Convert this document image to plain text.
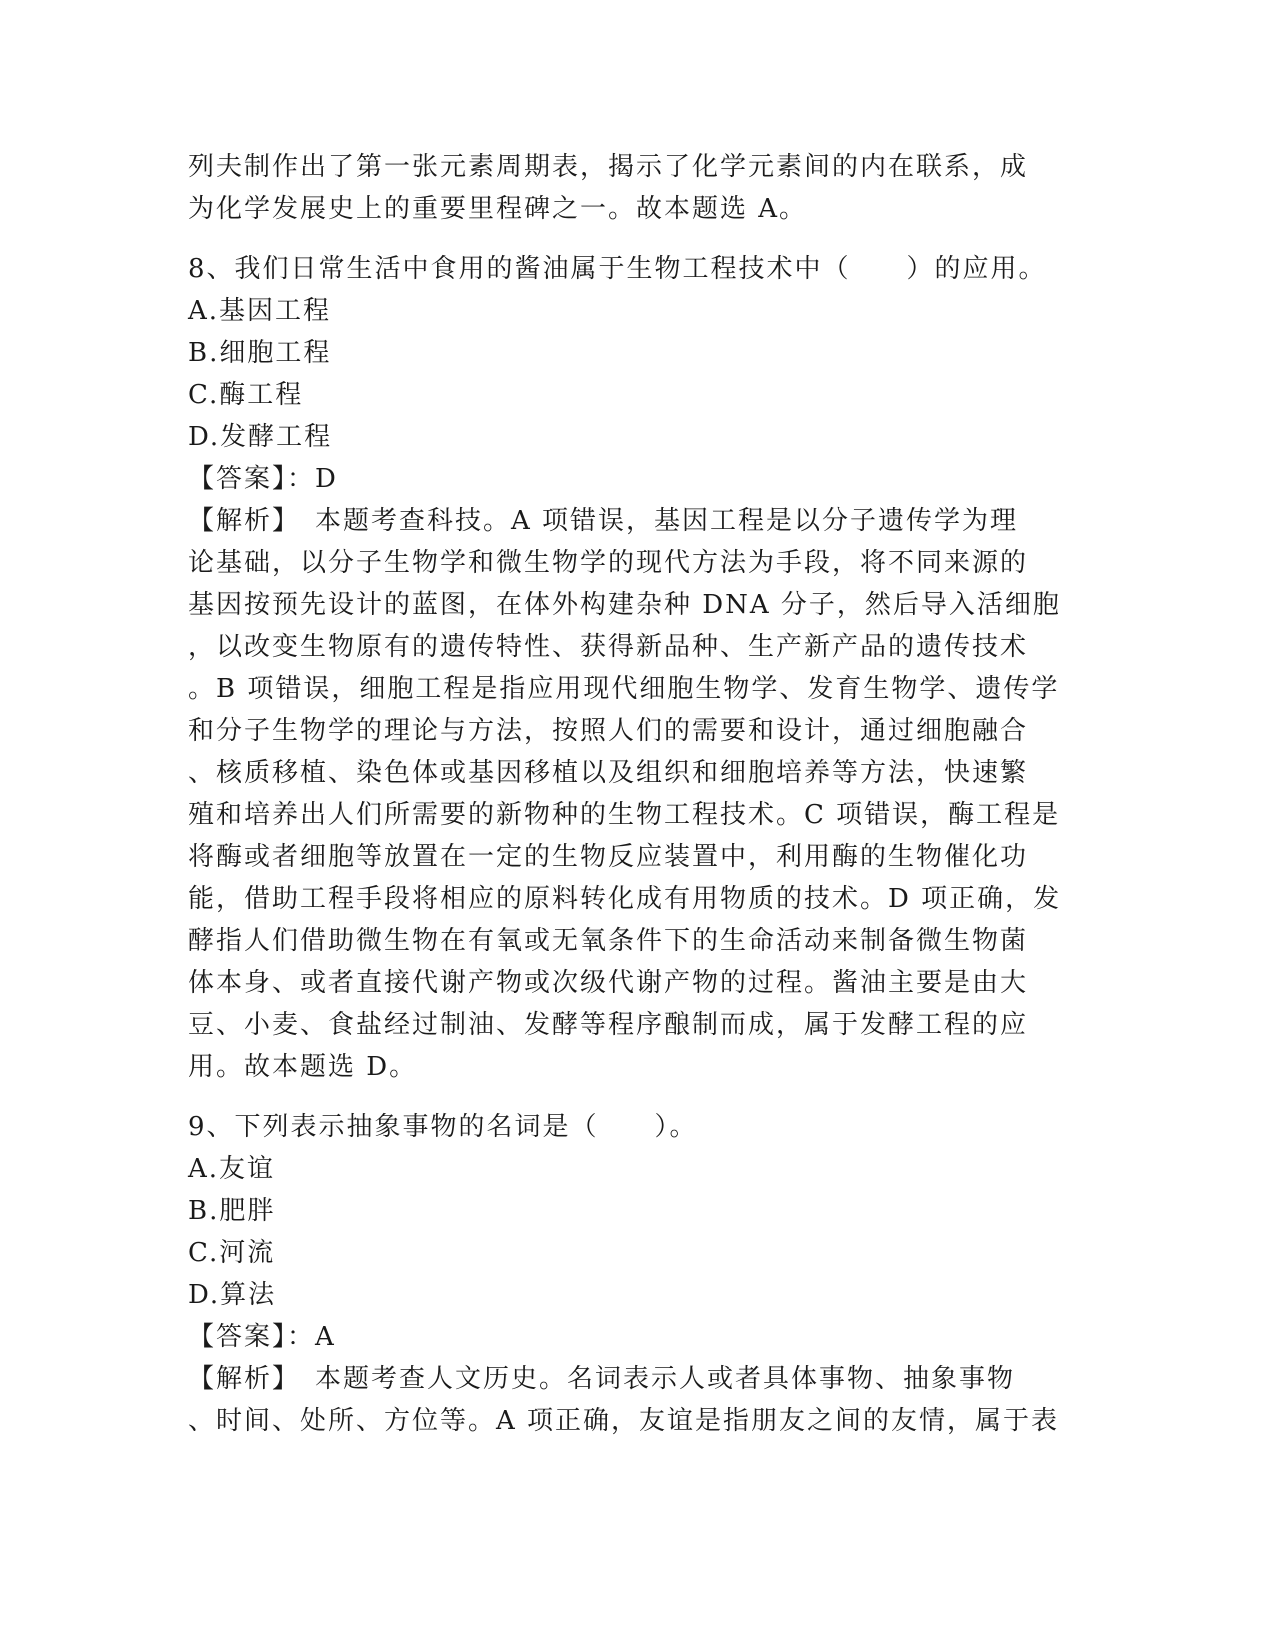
列夫制作出了第一张元素周期表，揭示了化学元素间的内在联系，成
为化学发展史上的重要里程碑之一。故本题选 A。
8、我们日常生活中食用的酱油属于生物工程技术中（　　）的应用。
A.基因工程
B.细胞工程
C.酶工程
D.发酵工程
【答案】：D
【解析】　本题考查科技。A 项错误，基因工程是以分子遗传学为理
论基础，以分子生物学和微生物学的现代方法为手段，将不同来源的
基因按预先设计的蓝图，在体外构建杂种 DNA 分子，然后导入活细胞
，以改变生物原有的遗传特性、获得新品种、生产新产品的遗传技术
。B 项错误，细胞工程是指应用现代细胞生物学、发育生物学、遗传学
和分子生物学的理论与方法，按照人们的需要和设计，通过细胞融合
、核质移植、染色体或基因移植以及组织和细胞培养等方法，快速繁
殖和培养出人们所需要的新物种的生物工程技术。C 项错误，酶工程是
将酶或者细胞等放置在一定的生物反应装置中，利用酶的生物催化功
能，借助工程手段将相应的原料转化成有用物质的技术。D 项正确，发
酵指人们借助微生物在有氧或无氧条件下的生命活动来制备微生物菌
体本身、或者直接代谢产物或次级代谢产物的过程。酱油主要是由大
豆、小麦、食盐经过制油、发酵等程序酿制而成，属于发酵工程的应
用。故本题选 D。
9、下列表示抽象事物的名词是（　　）。
A.友谊
B.肥胖
C.河流
D.算法
【答案】：A
【解析】　本题考查人文历史。名词表示人或者具体事物、抽象事物
、时间、处所、方位等。A 项正确，友谊是指朋友之间的友情，属于表
